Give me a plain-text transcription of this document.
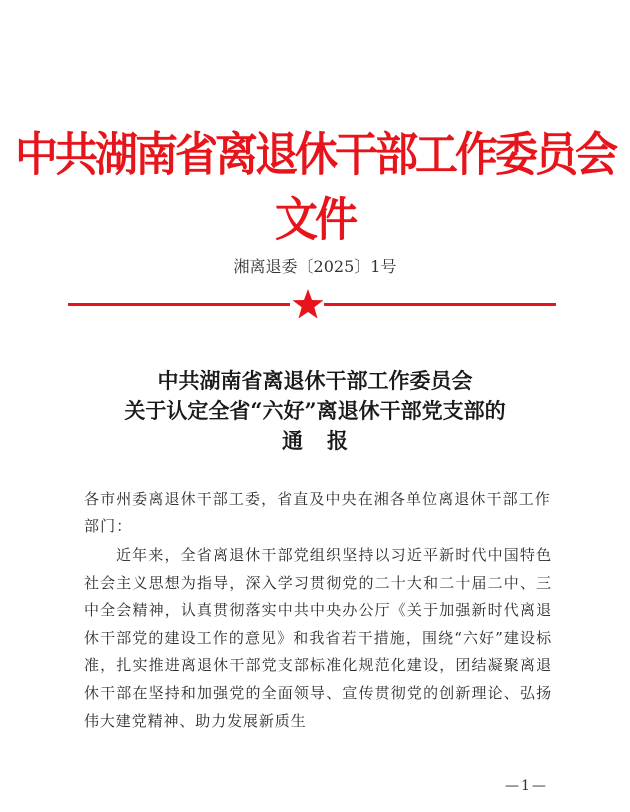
中共湖南省离退休干部工作委员会文件
湘离退委〔2025〕1号
中共湖南省离退休干部工作委员会
关于认定全省“六好”离退休干部党支部的
通报
各市州委离退休干部工委，省直及中央在湘各单位离退休干部工作部门：
近年来，全省离退休干部党组织坚持以习近平新时代中国特色社会主义思想为指导，深入学习贯彻党的二十大和二十届二中、三中全会精神，认真贯彻落实中共中央办公厅《关于加强新时代离退休干部党的建设工作的意见》和我省若干措施，围绕“六好”建设标准，扎实推进离退休干部党支部标准化规范化建设，团结凝聚离退休干部在坚持和加强党的全面领导、宣传贯彻党的创新理论、弘扬伟大建党精神、助力发展新质生
—1—
